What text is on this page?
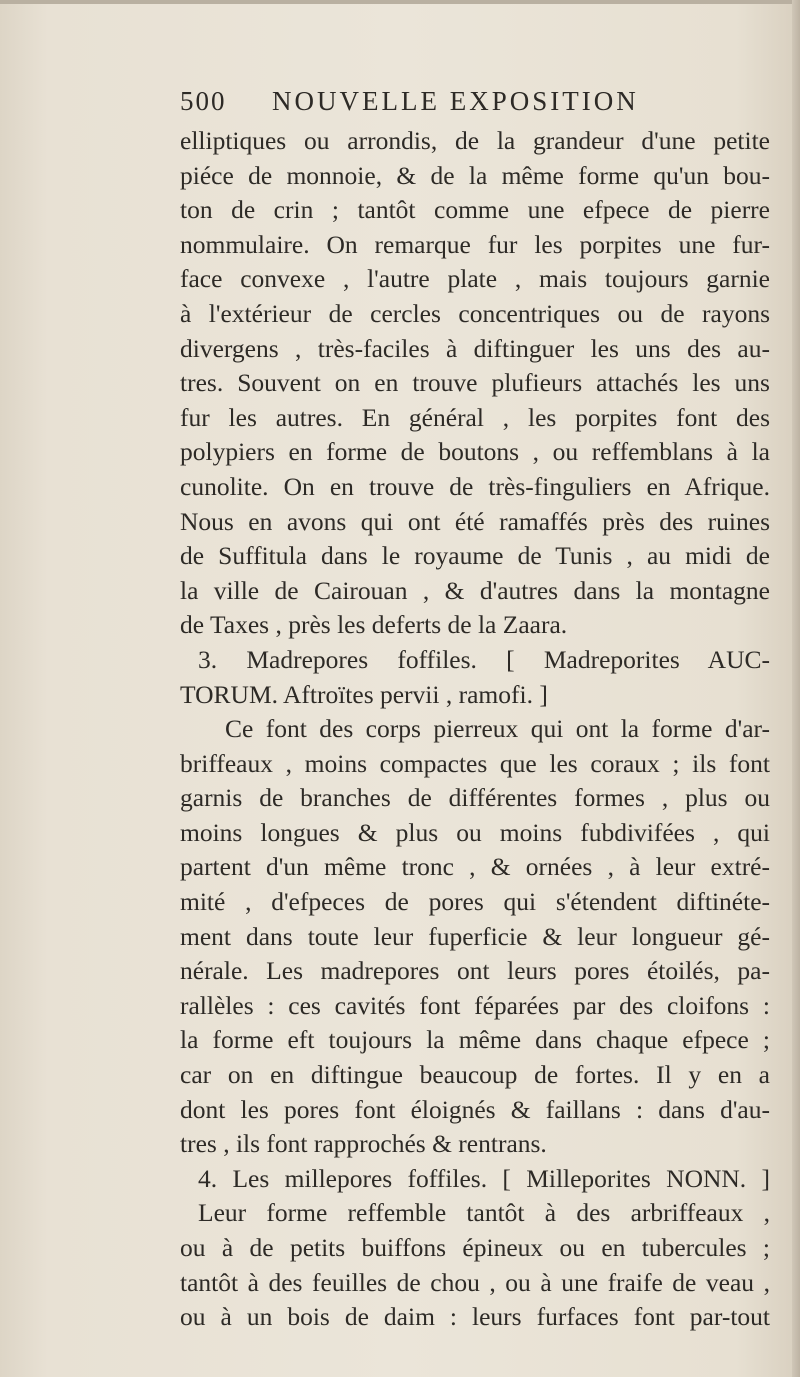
500 NOUVELLE EXPOSITION
elliptiques ou arrondis, de la grandeur d'une petite
piéce de monnoie, & de la même forme qu'un bou-
ton de crin ; tantôt comme une efpece de pierre
nommulaire. On remarque fur les porpites une fur-
face convexe , l'autre plate , mais toujours garnie
à l'extérieur de cercles concentriques ou de rayons
divergens , très-faciles à diftinguer les uns des au-
tres. Souvent on en trouve plufieurs attachés les uns
fur les autres. En général , les porpites font des
polypiers en forme de boutons , ou reffemblans à la
cunolite. On en trouve de très-finguliers en Afrique.
Nous en avons qui ont été ramaffés près des ruines
de Suffitula dans le royaume de Tunis , au midi de
la ville de Cairouan , & d'autres dans la montagne
de Taxes , près les deferts de la Zaara.
3. Madrepores foffiles. [ Madreporites AUC-
TORUM. Aftroïtes pervii , ramofi. ]
Ce font des corps pierreux qui ont la forme d'ar-
briffeaux , moins compactes que les coraux ; ils font
garnis de branches de différentes formes , plus ou
moins longues & plus ou moins fubdivifées , qui
partent d'un même tronc , & ornées , à leur extré-
mité , d'efpeces de pores qui s'étendent diftinéte-
ment dans toute leur fuperficie & leur longueur gé-
nérale. Les madrepores ont leurs pores étoilés, pa-
rallèles : ces cavités font féparées par des cloifons :
la forme eft toujours la même dans chaque efpece ;
car on en diftingue beaucoup de fortes. Il y en a
dont les pores font éloignés & faillans : dans d'au-
tres , ils font rapprochés & rentrans.
4. Les millepores foffiles. [ Milleporites NONN. ]
Leur forme reffemble tantôt à des arbriffeaux ,
ou à de petits buiffons épineux ou en tubercules ;
tantôt à des feuilles de chou , ou à une fraife de veau ,
ou à un bois de daim : leurs furfaces font par-tout
